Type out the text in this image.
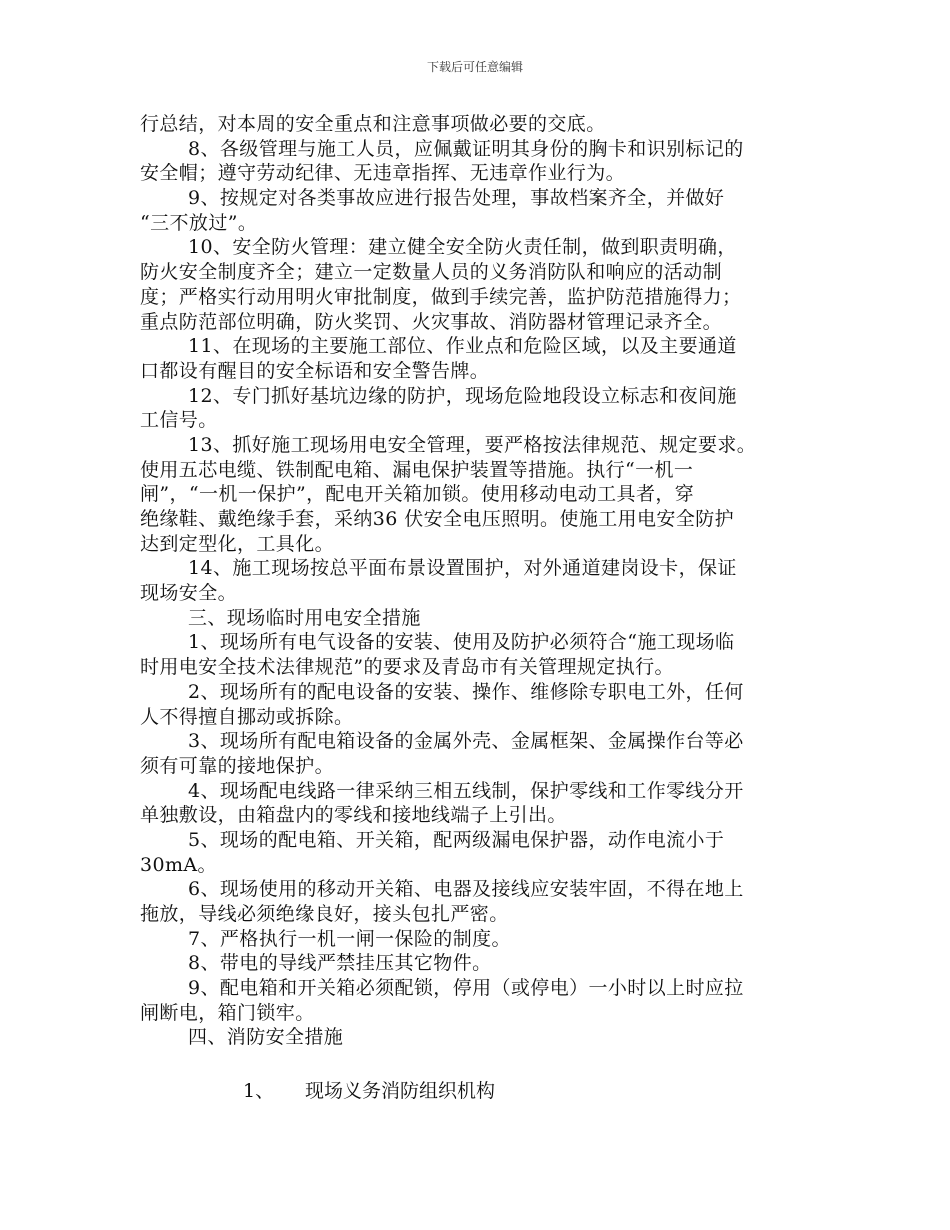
下载后可任意编辑
行总结，对本周的安全重点和注意事项做必要的交底。
8、各级管理与施工人员，应佩戴证明其身份的胸卡和识别标记的
安全帽；遵守劳动纪律、无违章指挥、无违章作业行为。
9、按规定对各类事故应进行报告处理，事故档案齐全，并做好
“三不放过”。
10、安全防火管理：建立健全安全防火责任制，做到职责明确，
防火安全制度齐全；建立一定数量人员的义务消防队和响应的活动制
度；严格实行动用明火审批制度，做到手续完善，监护防范措施得力；
重点防范部位明确，防火奖罚、火灾事故、消防器材管理记录齐全。
11、在现场的主要施工部位、作业点和危险区域，以及主要通道
口都设有醒目的安全标语和安全警告牌。
12、专门抓好基坑边缘的防护，现场危险地段设立标志和夜间施
工信号。
13、抓好施工现场用电安全管理，要严格按法律规范、规定要求。
使用五芯电缆、铁制配电箱、漏电保护装置等措施。执行“一机一
闸”，“一机一保护”，配电开关箱加锁。使用移动电动工具者，穿
绝缘鞋、戴绝缘手套，采纳36 伏安全电压照明。使施工用电安全防护
达到定型化，工具化。
14、施工现场按总平面布景设置围护，对外通道建岗设卡，保证
现场安全。
三、现场临时用电安全措施
1、现场所有电气设备的安装、使用及防护必须符合“施工现场临
时用电安全技术法律规范”的要求及青岛市有关管理规定执行。
2、现场所有的配电设备的安装、操作、维修除专职电工外，任何
人不得擅自挪动或拆除。
3、现场所有配电箱设备的金属外壳、金属框架、金属操作台等必
须有可靠的接地保护。
4、现场配电线路一律采纳三相五线制，保护零线和工作零线分开
单独敷设，由箱盘内的零线和接地线端子上引出。
5、现场的配电箱、开关箱，配两级漏电保护器，动作电流小于
30mA。
6、现场使用的移动开关箱、电器及接线应安装牢固，不得在地上
拖放，导线必须绝缘良好，接头包扎严密。
7、严格执行一机一闸一保险的制度。
8、带电的导线严禁挂压其它物件。
9、配电箱和开关箱必须配锁，停用（或停电）一小时以上时应拉
闸断电，箱门锁牢。
四、消防安全措施
1、 现场义务消防组织机构
